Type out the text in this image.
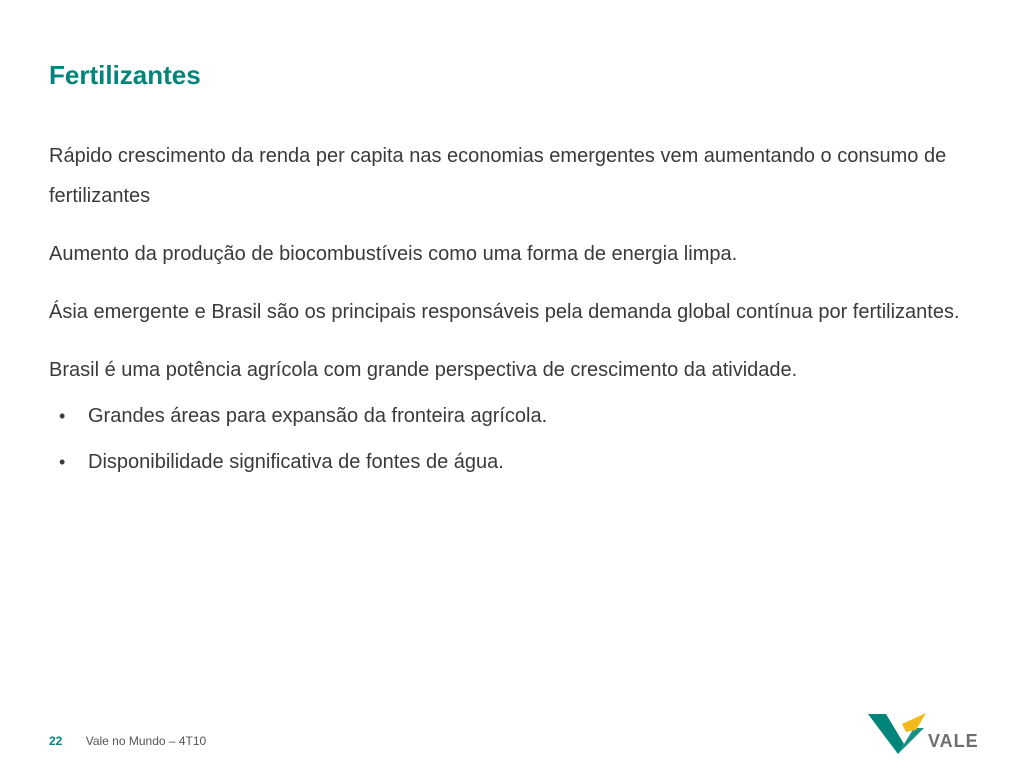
Fertilizantes

Rápido crescimento da renda per capita nas economias emergentes vem aumentando o consumo de fertilizantes

Aumento da produção de biocombustíveis como uma forma de energia limpa.

Ásia emergente e Brasil são os principais responsáveis pela demanda global contínua por fertilizantes.

Brasil é uma potência agrícola com grande perspectiva de crescimento da atividade.

• Grandes áreas para expansão da fronteira agrícola.
• Disponibilidade significativa de fontes de água.
22 Vale no Mundo – 4T10	VALE
